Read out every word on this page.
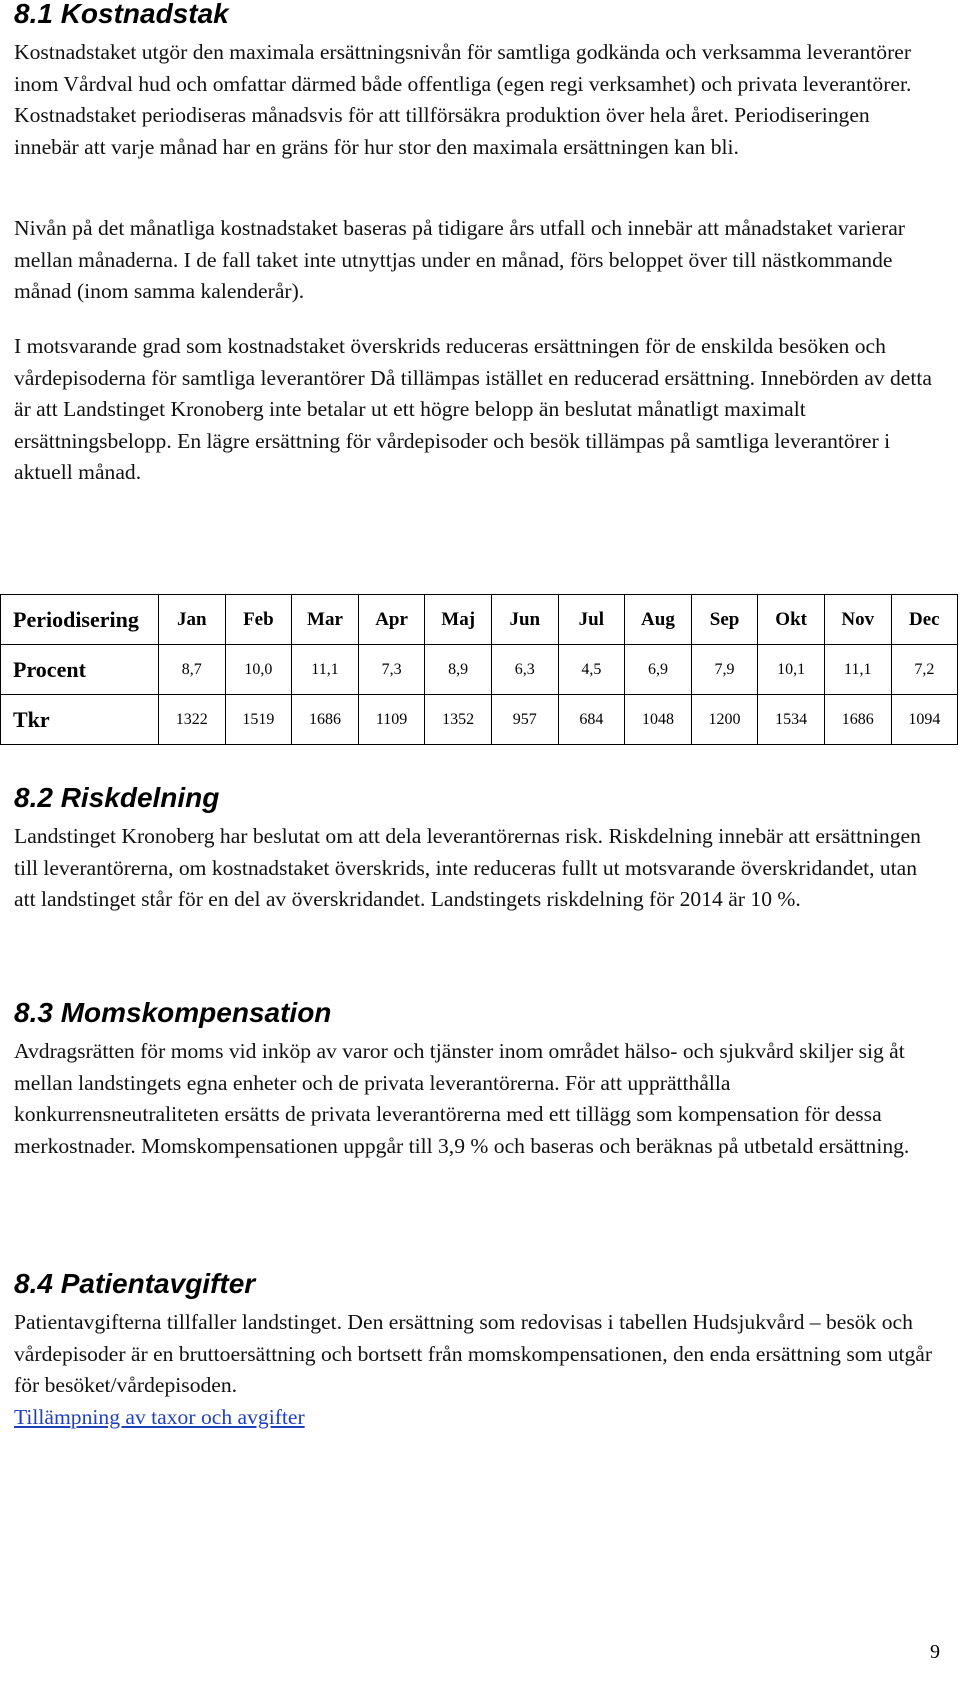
8.1 Kostnadstak

Kostnadstaket utgör den maximala ersättningsnivån för samtliga godkända och verksamma leverantörer inom Vårdval hud och omfattar därmed både offentliga (egen regi verksamhet) och privata leverantörer. Kostnadstaket periodiseras månadsvis för att tillförsäkra produktion över hela året. Periodiseringen innebär att varje månad har en gräns för hur stor den maximala ersättningen kan bli.

Nivån på det månatliga kostnadstaket baseras på tidigare års utfall och innebär att månadstaket varierar mellan månaderna. I de fall taket inte utnyttjas under en månad, förs beloppet över till nästkommande månad (inom samma kalenderår).

I motsvarande grad som kostnadstaket överskrids reduceras ersättningen för de enskilda besöken och vårdepisoderna för samtliga leverantörer Då tillämpas istället en reducerad ersättning. Innebörden av detta är att Landstinget Kronoberg inte betalar ut ett högre belopp än beslutat månatligt maximalt ersättningsbelopp. En lägre ersättning för vårdepisoder och besök tillämpas på samtliga leverantörer i aktuell månad.

Periodisering	Jan	Feb	Mar	Apr	Maj	Jun	Jul	Aug	Sep	Okt	Nov	Dec
Procent	8,7	10,0	11,1	7,3	8,9	6,3	4,5	6,9	7,9	10,1	11,1	7,2
Tkr	1322	1519	1686	1109	1352	957	684	1048	1200	1534	1686	1094
8.2 Riskdelning

Landstinget Kronoberg har beslutat om att dela leverantörernas risk. Riskdelning innebär att ersättningen till leverantörerna, om kostnadstaket överskrids, inte reduceras fullt ut motsvarande överskridandet, utan att landstinget står för en del av överskridandet. Landstingets riskdelning för 2014 är 10 %.

8.3 Momskompensation

Avdragsrätten för moms vid inköp av varor och tjänster inom området hälso- och sjukvård skiljer sig åt mellan landstingets egna enheter och de privata leverantörerna. För att upprätthålla konkurrensneutraliteten ersätts de privata leverantörerna med ett tillägg som kompensation för dessa merkostnader. Momskompensationen uppgår till 3,9 % och baseras och beräknas på utbetald ersättning.

8.4 Patientavgifter

Patientavgifterna tillfaller landstinget. Den ersättning som redovisas i tabellen Hudsjukvård – besök och vårdepisoder är en bruttoersättning och bortsett från momskompensationen, den enda ersättning som utgår för besöket/vårdepisoden.
Tillämpning av taxor och avgifter

9
